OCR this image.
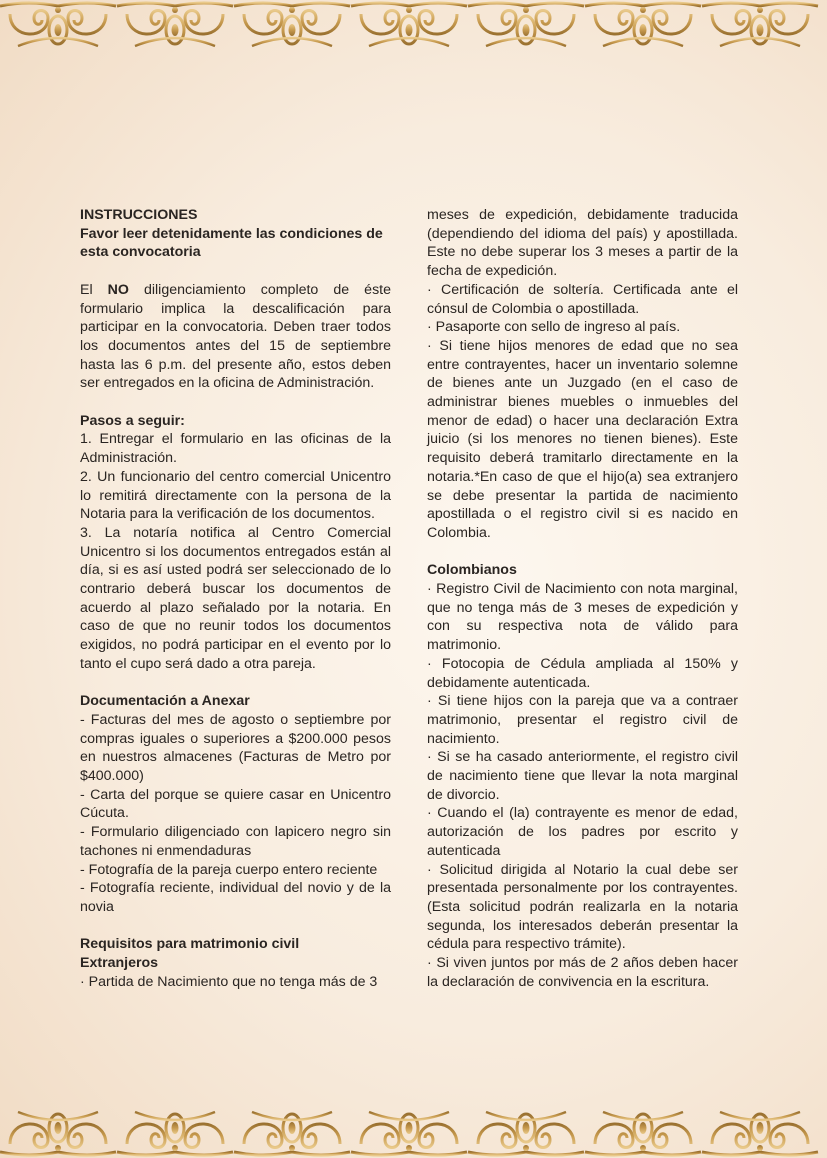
INSTRUCCIONES

Favor leer detenidamente las condiciones de esta convocatoria

El NO diligenciamiento completo de éste formulario implica la descalificación para participar en la convocatoria. Deben traer todos los documentos antes del 15 de septiembre hasta las 6 p.m. del presente año, estos deben ser entregados en la oficina de Administración.

Pasos a seguir:

1. Entregar el formulario en las oficinas de la Administración.

2. Un funcionario del centro comercial Unicentro lo remitirá directamente con la persona de la Notaria para la verificación de los documentos.

3. La notaría notifica al Centro Comercial Unicentro si los documentos entregados están al día, si es así usted podrá ser seleccionado de lo contrario deberá buscar los documentos de acuerdo al plazo señalado por la notaria. En caso de que no reunir todos los documentos exigidos, no podrá participar en el evento por lo tanto el cupo será dado a otra pareja.

Documentación a Anexar

- Facturas del mes de agosto o septiembre por compras iguales o superiores a $200.000 pesos en nuestros almacenes (Facturas de Metro por $400.000)

- Carta del porque se quiere casar en Unicentro Cúcuta.

- Formulario diligenciado con lapicero negro sin tachones ni enmendaduras

- Fotografía de la pareja cuerpo entero reciente

- Fotografía reciente, individual del novio y de la novia

Requisitos para matrimonio civil

Extranjeros

· Partida de Nacimiento que no tenga más de 3

meses de expedición, debidamente traducida (dependiendo del idioma del país) y apostillada. Este no debe superar los 3 meses a partir de la fecha de expedición.

· Certificación de soltería. Certificada ante el cónsul de Colombia o apostillada.

· Pasaporte con sello de ingreso al país.

· Si tiene hijos menores de edad que no sea entre contrayentes, hacer un inventario solemne de bienes ante un Juzgado (en el caso de administrar bienes muebles o inmuebles del menor de edad) o hacer una declaración Extra juicio (si los menores no tienen bienes). Este requisito deberá tramitarlo directamente en la notaria.*En caso de que el hijo(a) sea extranjero se debe presentar la partida de nacimiento apostillada o el registro civil si es nacido en Colombia.

Colombianos

· Registro Civil de Nacimiento con nota marginal, que no tenga más de 3 meses de expedición y con su respectiva nota de válido para matrimonio.

· Fotocopia de Cédula ampliada al 150% y debidamente autenticada.

· Si tiene hijos con la pareja que va a contraer matrimonio, presentar el registro civil de nacimiento.

· Si se ha casado anteriormente, el registro civil de nacimiento tiene que llevar la nota marginal de divorcio.

· Cuando el (la) contrayente es menor de edad, autorización de los padres por escrito y autenticada

· Solicitud dirigida al Notario la cual debe ser presentada personalmente por los contrayentes. (Esta solicitud podrán realizarla en la notaria segunda, los interesados deberán presentar la cédula para respectivo trámite).

· Si viven juntos por más de 2 años deben hacer la declaración de convivencia en la escritura.
